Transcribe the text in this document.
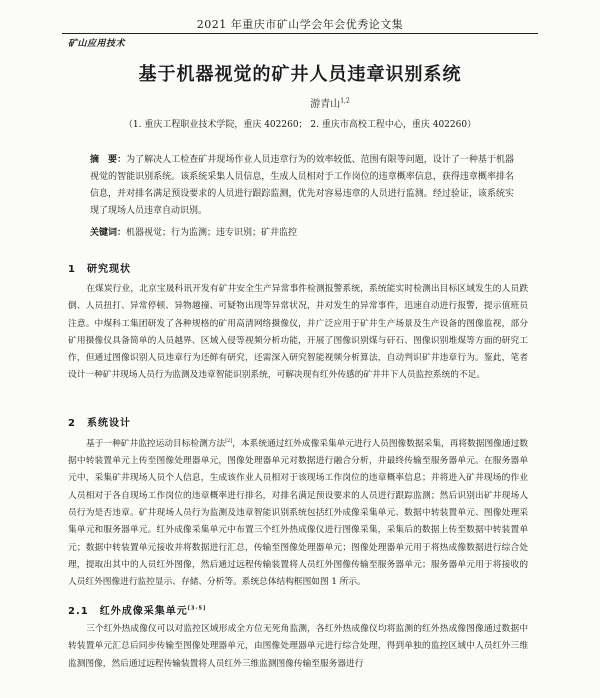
2021 年重庆市矿山学会年会优秀论文集
矿山应用技术
基于机器视觉的矿井人员违章识别系统
游青山$^{1,2}$
（1. 重庆工程职业技术学院，重庆 402260； 2. 重庆市高校工程中心，重庆 402260）
摘　要：为了解决人工检查矿井现场作业人员违章行为的效率较低、范围有限等问题，设计了一种基于机器视觉的智能识别系统。该系统采集人员信息，生成人员相对于工作岗位的违章概率信息，获得违章概率排名信息，并对排名满足预设要求的人员进行跟踪监测，优先对容易违章的人员进行监测。经过验证，该系统实现了现场人员违章自动识别。
关键词：机器视觉；行为监测；违专识别；矿井监控
1　研究现状
在煤炭行业，北京宝晟科讯开发有矿井安全生产异常事件检测报警系统，系统能实时检测出目标区域发生的人员跌倒、人员扭打、异常停顿、异物越撞、可疑物出现等异常状况，并对发生的异常事件，迅速自动进行报警，提示值班员注意。中煤科工集团研发了各种规格的矿用高清网络摄像仪，并广泛应用于矿井生产场景及生产设备的图像监视，部分矿用摄像仪具备简单的人员越界、区域入侵等视频分析功能，开展了图像识别煤与矸石、图像识别堆煤等方面的研究工作，但通过图像识别人员违章行为还鲜有研究，还需深入研究智能视频分析算法，自动判识矿井违章行为。鉴此，笔者设计一种矿井现场人员行为监测及违章智能识别系统，可解决现有红外传感的矿井井下人员监控系统的不足。
2　系统设计
基于一种矿井监控运动目标检测方法[2]，本系统通过红外成像采集单元进行人员图像数据采集，再将数据图像通过数据中转装置单元上传至图像处理器单元，图像处理器单元对数据进行融合分析，并最终传输至服务器单元。在服务器单元中，采集矿井现场人员个人信息，生成该作业人员相对于该现场工作岗位的违章概率信息；并将进入矿井现场的作业人员相对于各自现场工作岗位的违章概率进行排名，对排名满足预设要求的人员进行跟踪监测；然后识别出矿井现场人员行为是否违章。矿井现场人员行为监测及违章智能识别系统包括红外成像采集单元、数据中转装置单元、图像处理采集单元和服务器单元。红外成像采集单元中布置三个红外热成像仪进行图像采集，采集后的数据上传至数据中转装置单元；数据中转装置单元接收并将数据进行汇总，传输至图像处理器单元；图像处理器单元用于将热成像数据进行综合处理，提取出其中的人员红外图像，然后通过远程传输装置将人员红外图像传输至服务器单元；服务器单元用于将接收的人员红外图像进行监控显示、存储、分析等。系统总体结构框图如图 1 所示。
2.1　红外成像采集单元[3-5]
三个红外热成像仪可以对监控区域形成全方位无死角监测，各红外热成像仪均将监测的红外热成像图像通过数据中转装置单元汇总后同步传输至图像处理器单元，由图像处理器单元进行综合处理，得到单独的监控区域中人员红外三维监测图像，然后通过远程传输装置将人员红外三维监测图像传输至服务器进行
